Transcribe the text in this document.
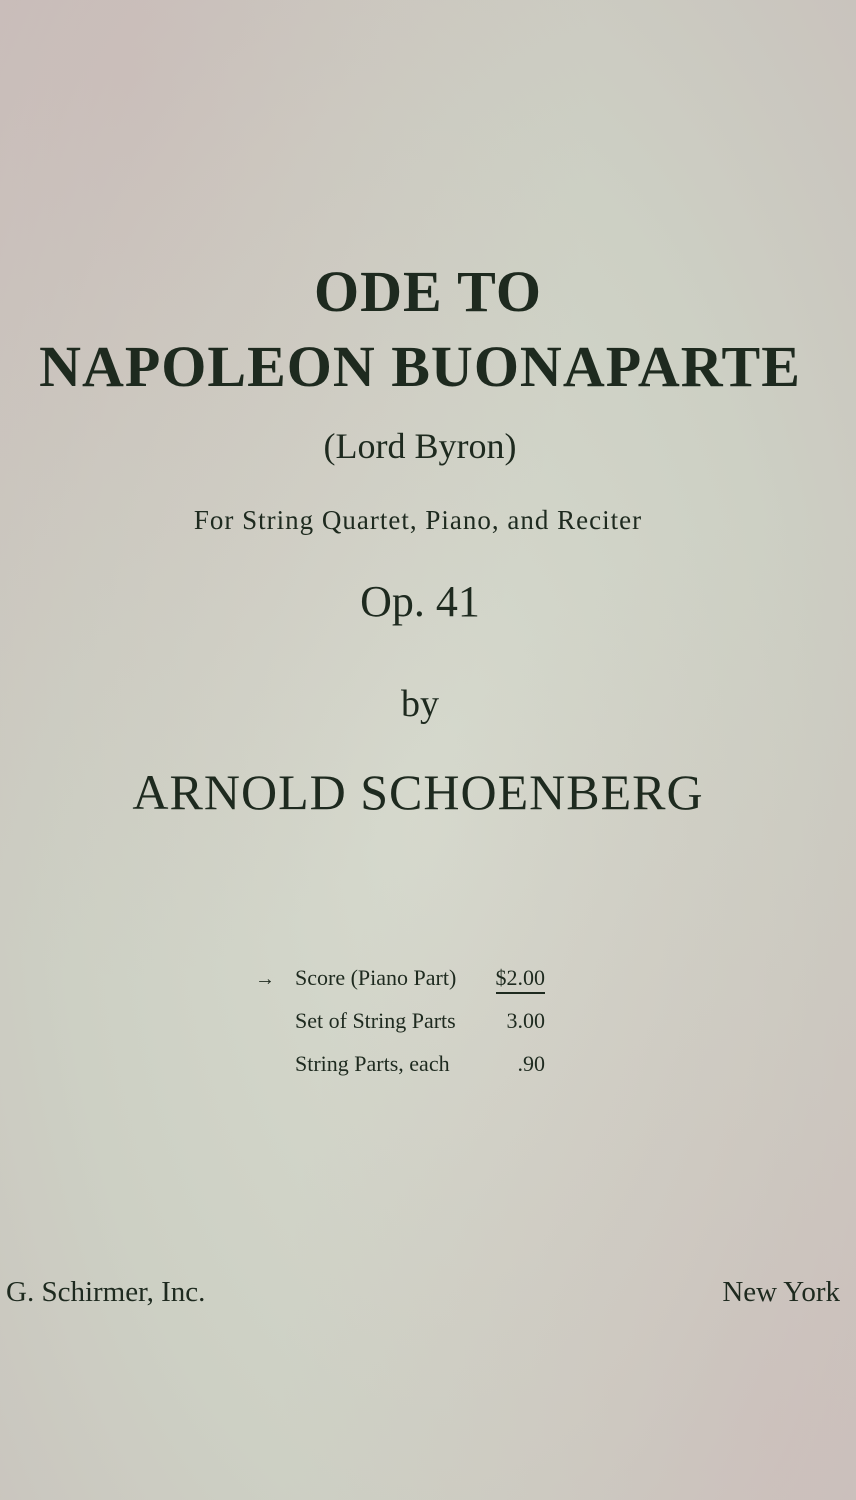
ODE TO
NAPOLEON BUONAPARTE
(Lord Byron)
For String Quartet, Piano, and Reciter
Op. 41
by
ARNOLD SCHOENBERG
→ Score (Piano Part)	$2.00
Set of String Parts	3.00
String Parts, each	.90
G. Schirmer, Inc.	New York
